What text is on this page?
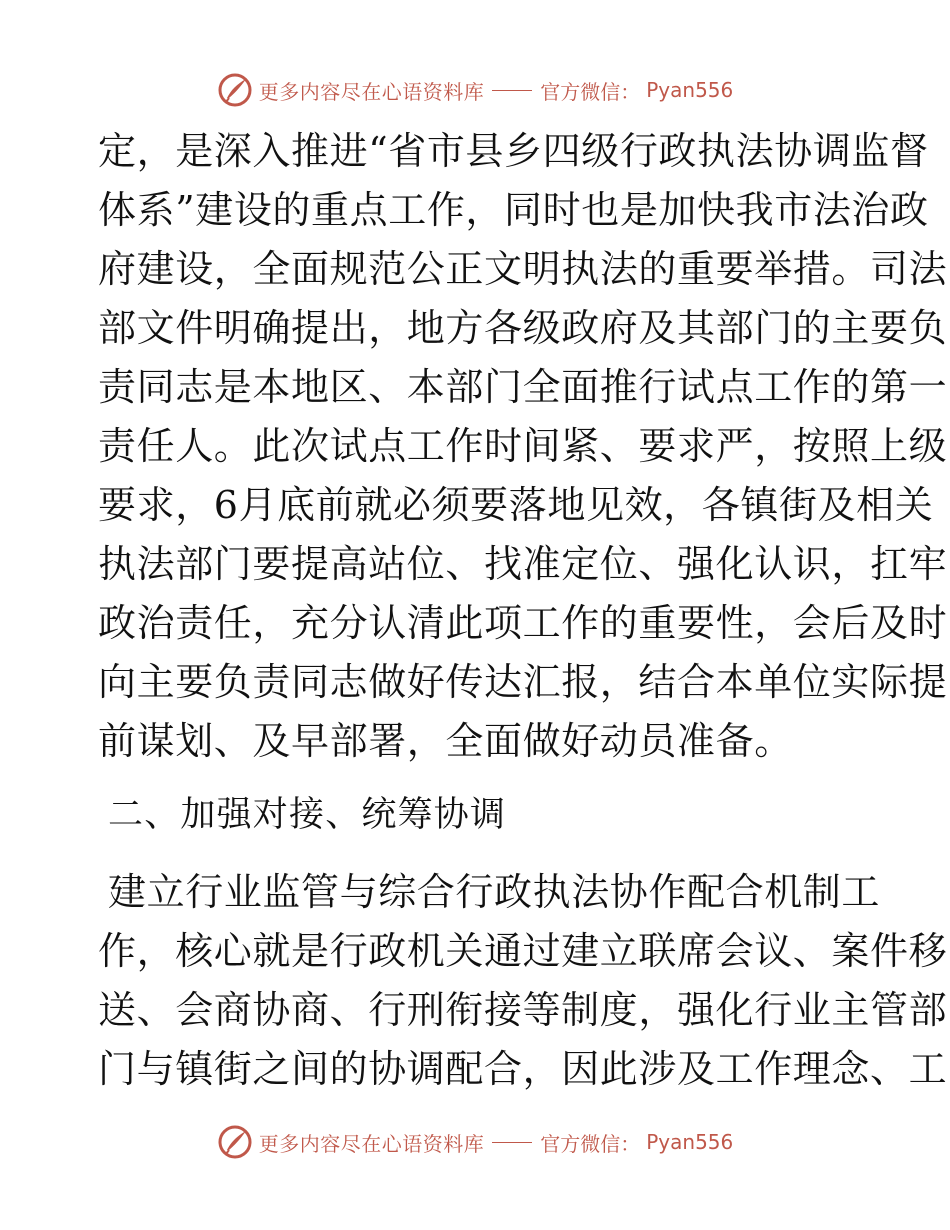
更多内容尽在心语资料库	官方微信： Pyan556
定，是深入推进“省市县乡四级行政执法协调监督
体系”建设的重点工作，同时也是加快我市法治政
府建设，全面规范公正文明执法的重要举措。司法
部文件明确提出，地方各级政府及其部门的主要负
责同志是本地区、本部门全面推行试点工作的第一
责任人。此次试点工作时间紧、要求严，按照上级
要求，6月底前就必须要落地见效，各镇街及相关
执法部门要提高站位、找准定位、强化认识，扛牢
政治责任，充分认清此项工作的重要性，会后及时
向主要负责同志做好传达汇报，结合本单位实际提
前谋划、及早部署，全面做好动员准备。
二、加强对接、统筹协调
建立行业监管与综合行政执法协作配合机制工
作，核心就是行政机关通过建立联席会议、案件移
送、会商协商、行刑衔接等制度，强化行业主管部
门与镇街之间的协调配合，因此涉及工作理念、工
更多内容尽在心语资料库	官方微信： Pyan556
